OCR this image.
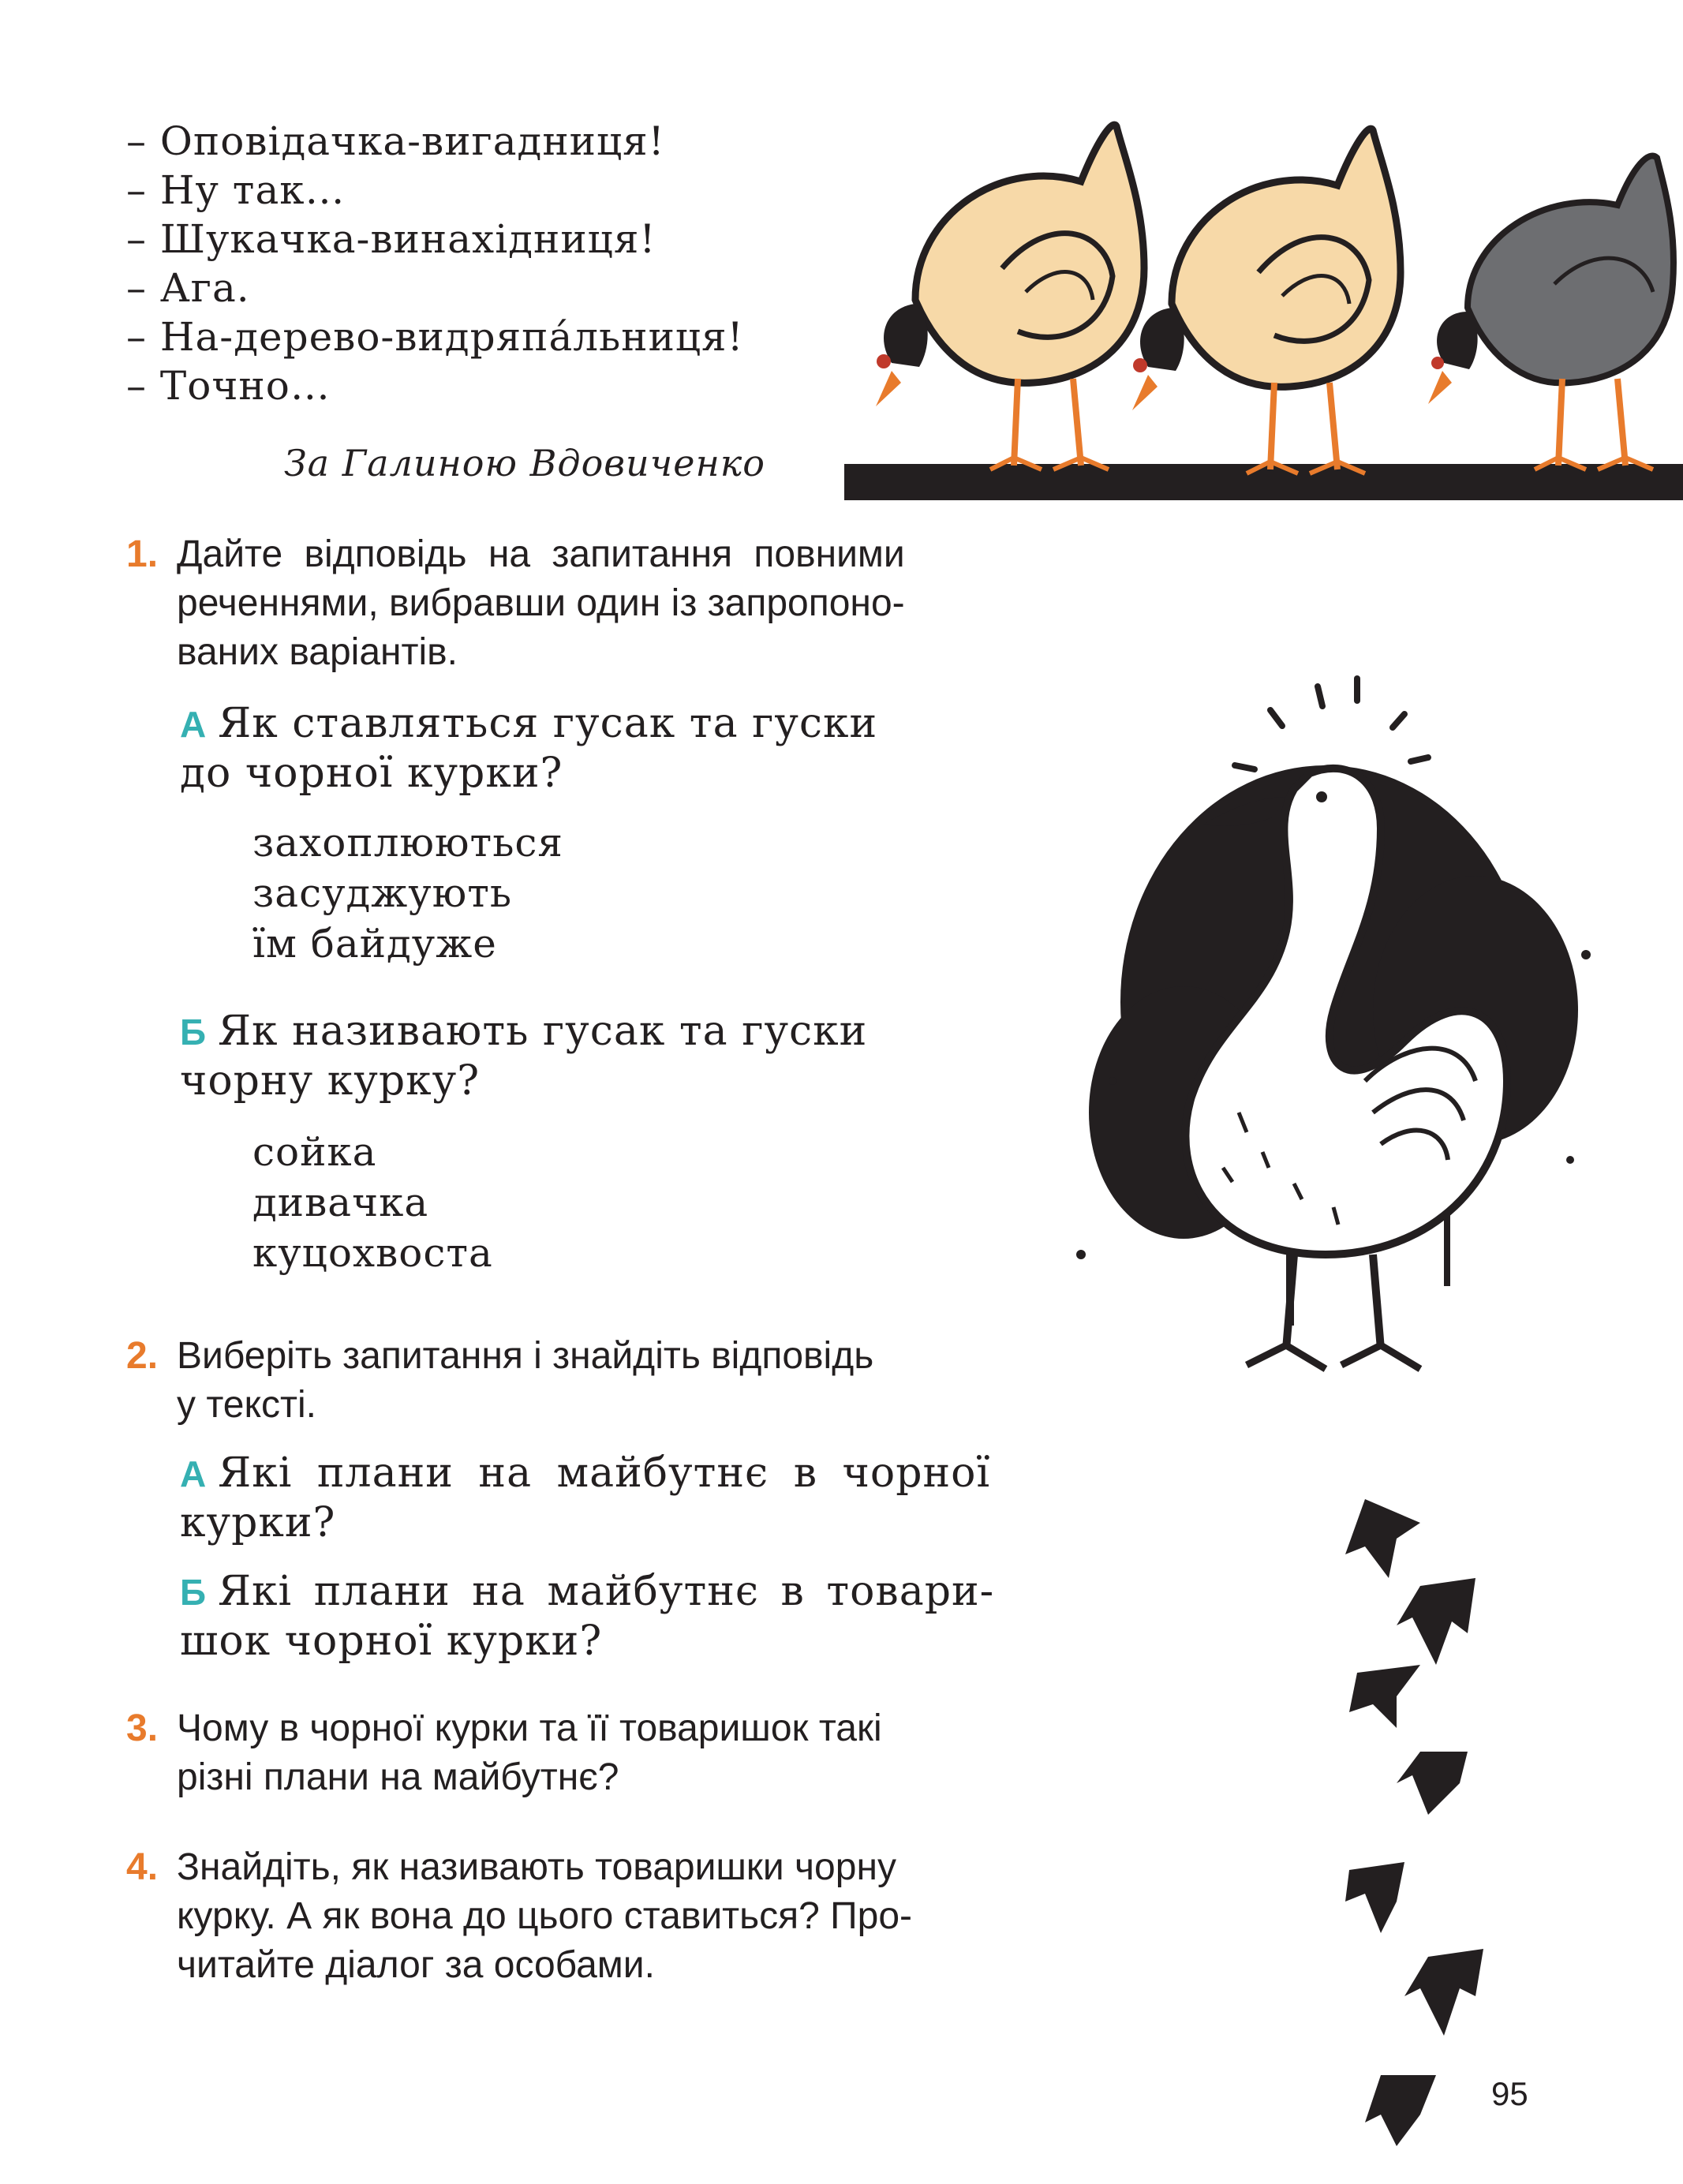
– Оповідачка-вигадниця!
– Ну так…
– Шукачка-винахідниця!
– Ага.
– На-дерево-видряпа́льниця!
– Точно…
За Галиною Вдовиченко
1. Дайте відповідь на запитання повними
реченнями, вибравши один із запропоно-
ваних варіантів.
А Як ставляться гусак та гуски
до чорної курки?
захоплюються
засуджують
їм байдуже
Б Як називають гусак та гуски
чорну курку?
сойка
дивачка
куцохвоста
2. Виберіть запитання і знайдіть відповідь
у тексті.
А Які плани на майбутнє в чорної
курки?
Б Які плани на майбутнє в товари-
шок чорної курки?
3. Чому в чорної курки та її товаришок такі
різні плани на майбутнє?
4. Знайдіть, як називають товаришки чорну
курку. А як вона до цього ставиться? Про-
читайте діалог за особами.
95
